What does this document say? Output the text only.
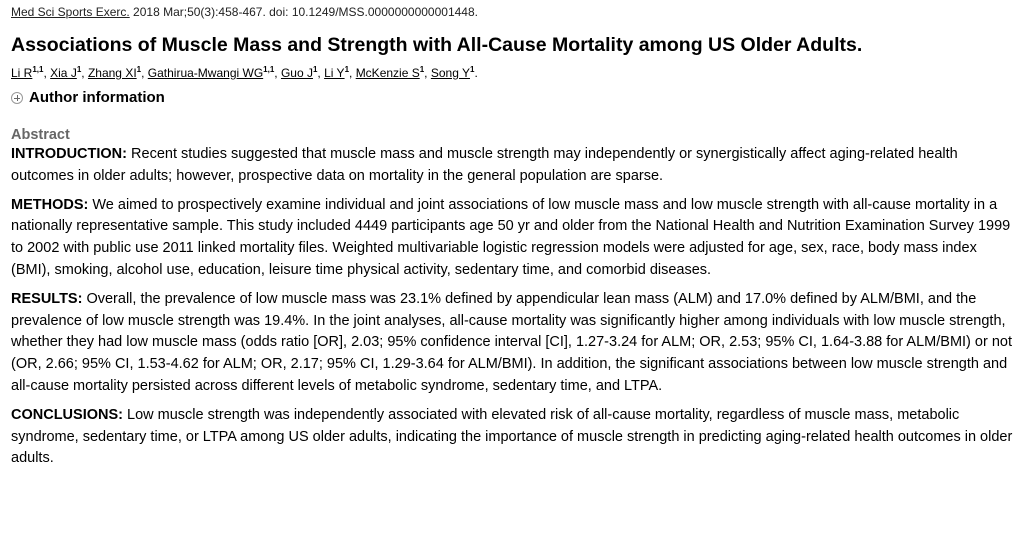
Med Sci Sports Exerc. 2018 Mar;50(3):458-467. doi: 10.1249/MSS.0000000000001448.
Associations of Muscle Mass and Strength with All-Cause Mortality among US Older Adults.
Li R$^{1,1}$, Xia $J^1$, Zhang $XI^1$, Gathirua-Mwangi WG$^{1,1}$, Guo $J^1$, Li $Y^1$, McKenzie $S^1$, Song $Y^1$.
Author information
Abstract

INTRODUCTION: Recent studies suggested that muscle mass and muscle strength may independently or synergistically affect aging-related health outcomes in older adults; however, prospective data on mortality in the general population are sparse.

METHODS: We aimed to prospectively examine individual and joint associations of low muscle mass and low muscle strength with all-cause mortality in a nationally representative sample. This study included 4449 participants age 50 yr and older from the National Health and Nutrition Examination Survey 1999 to 2002 with public use 2011 linked mortality files. Weighted multivariable logistic regression models were adjusted for age, sex, race, body mass index (BMI), smoking, alcohol use, education, leisure time physical activity, sedentary time, and comorbid diseases.

RESULTS: Overall, the prevalence of low muscle mass was 23.1% defined by appendicular lean mass (ALM) and 17.0% defined by ALM/BMI, and the prevalence of low muscle strength was 19.4%. In the joint analyses, all-cause mortality was significantly higher among individuals with low muscle strength, whether they had low muscle mass (odds ratio [OR], 2.03; 95% confidence interval [CI], 1.27-3.24 for ALM; OR, 2.53; 95% CI, 1.64-3.88 for ALM/BMI) or not (OR, 2.66; 95% CI, 1.53-4.62 for ALM; OR, 2.17; 95% CI, 1.29-3.64 for ALM/BMI). In addition, the significant associations between low muscle strength and all-cause mortality persisted across different levels of metabolic syndrome, sedentary time, and LTPA.

CONCLUSIONS: Low muscle strength was independently associated with elevated risk of all-cause mortality, regardless of muscle mass, metabolic syndrome, sedentary time, or LTPA among US older adults, indicating the importance of muscle strength in predicting aging-related health outcomes in older adults.
